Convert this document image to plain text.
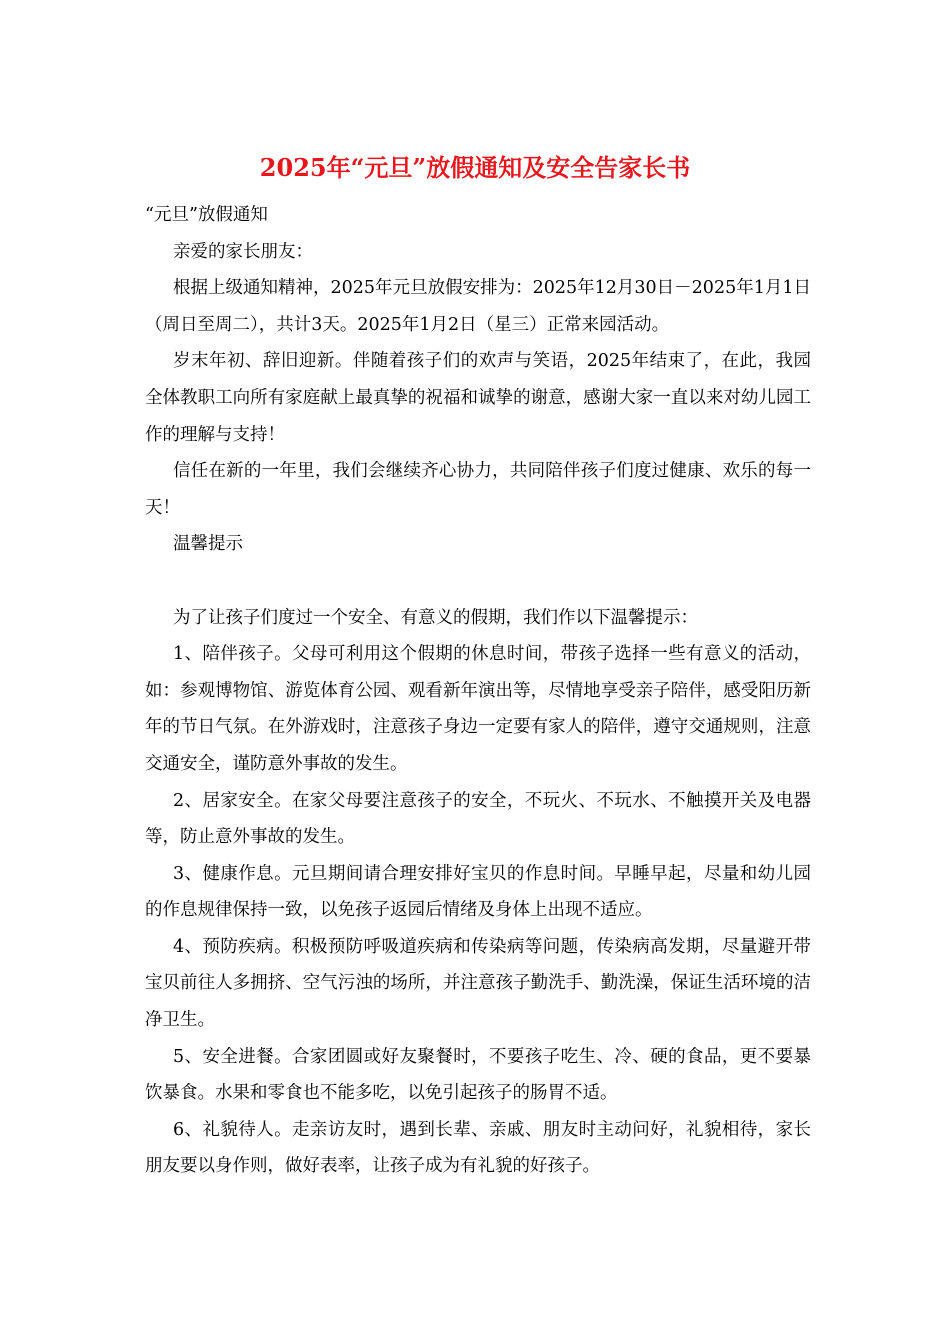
2025年“元旦”放假通知及安全告家长书

“元旦”放假通知

亲爱的家长朋友：

根据上级通知精神，2025年元旦放假安排为：2025年12月30日－2025年1月1日（周日至周二），共计3天。2025年1月2日（星三）正常来园活动。

岁末年初、辞旧迎新。伴随着孩子们的欢声与笑语，2025年结束了，在此，我园全体教职工向所有家庭献上最真挚的祝福和诚挚的谢意，感谢大家一直以来对幼儿园工作的理解与支持！

信任在新的一年里，我们会继续齐心协力，共同陪伴孩子们度过健康、欢乐的每一天！

温馨提示

为了让孩子们度过一个安全、有意义的假期，我们作以下温馨提示：

1、陪伴孩子。父母可利用这个假期的休息时间，带孩子选择一些有意义的活动，如：参观博物馆、游览体育公园、观看新年演出等，尽情地享受亲子陪伴，感受阳历新年的节日气氛。在外游戏时，注意孩子身边一定要有家人的陪伴，遵守交通规则，注意交通安全，谨防意外事故的发生。

2、居家安全。在家父母要注意孩子的安全，不玩火、不玩水、不触摸开关及电器等，防止意外事故的发生。

3、健康作息。元旦期间请合理安排好宝贝的作息时间。早睡早起，尽量和幼儿园的作息规律保持一致，以免孩子返园后情绪及身体上出现不适应。

4、预防疾病。积极预防呼吸道疾病和传染病等问题，传染病高发期，尽量避开带宝贝前往人多拥挤、空气污浊的场所，并注意孩子勤洗手、勤洗澡，保证生活环境的洁净卫生。

5、安全进餐。合家团圆或好友聚餐时，不要孩子吃生、冷、硬的食品，更不要暴饮暴食。水果和零食也不能多吃，以免引起孩子的肠胃不适。

6、礼貌待人。走亲访友时，遇到长辈、亲戚、朋友时主动问好，礼貌相待，家长朋友要以身作则，做好表率，让孩子成为有礼貌的好孩子。
